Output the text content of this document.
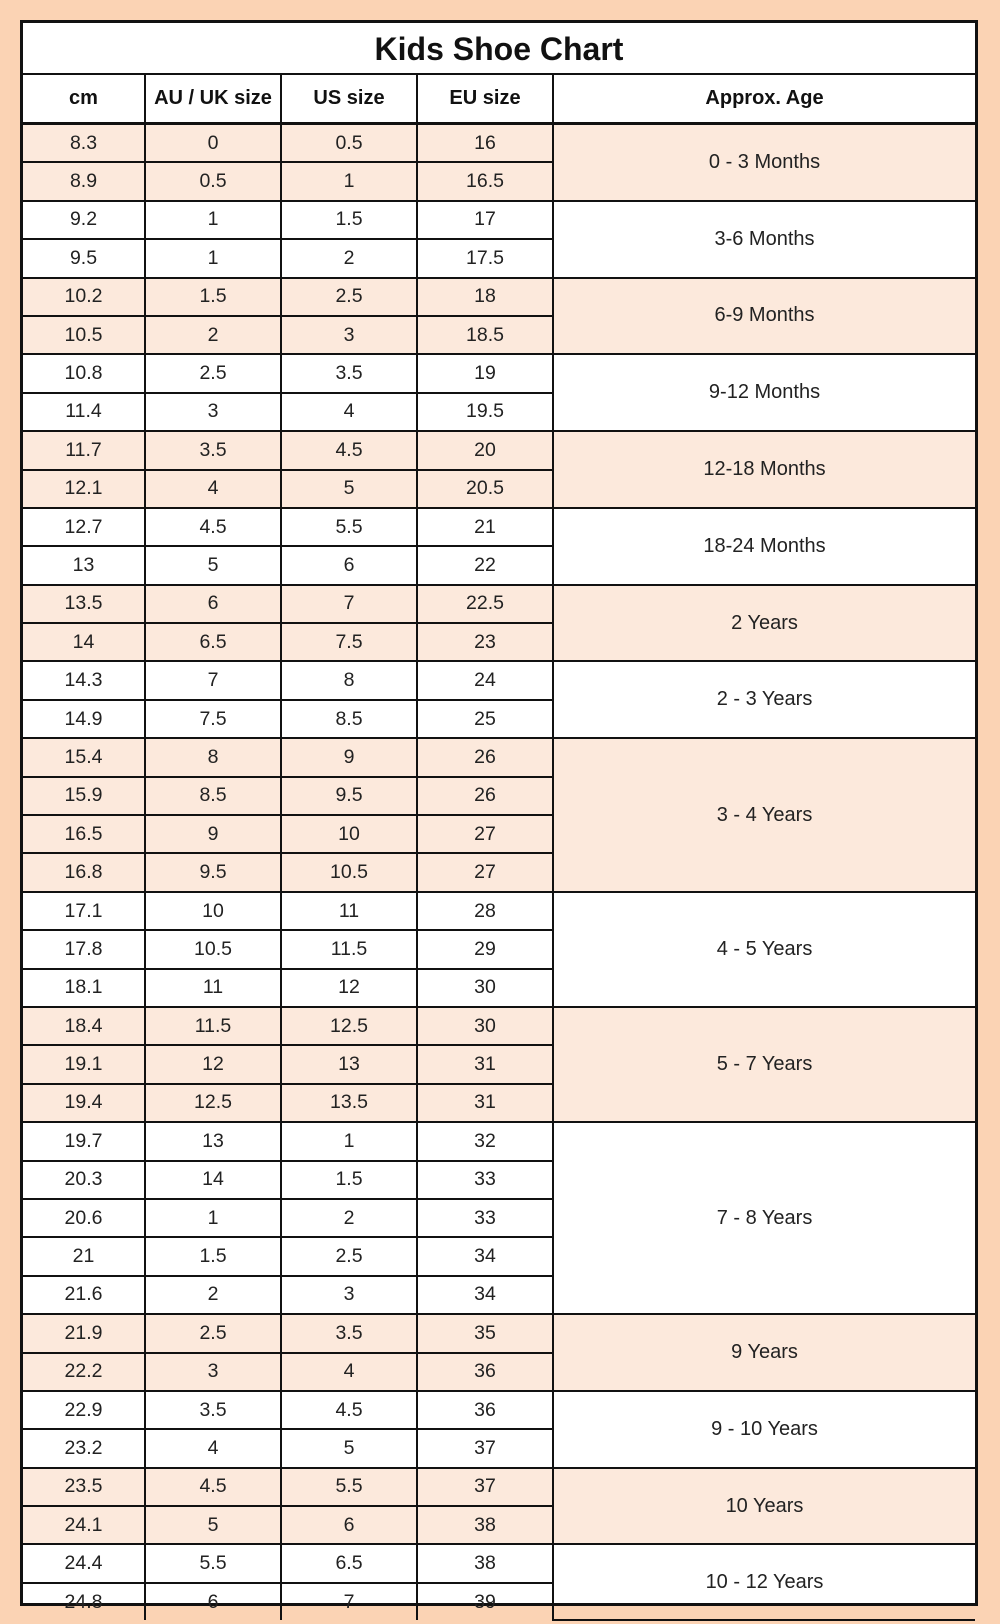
Kids Shoe Chart
cm	AU / UK size	US size	EU size	Approx. Age
8.3	0	0.5	16	0 - 3 Months
8.9	0.5	1	16.5	
9.2	1	1.5	17	3-6 Months
9.5	1	2	17.5	
10.2	1.5	2.5	18	6-9 Months
10.5	2	3	18.5	
10.8	2.5	3.5	19	9-12 Months
11.4	3	4	19.5	
11.7	3.5	4.5	20	12-18 Months
12.1	4	5	20.5	
12.7	4.5	5.5	21	18-24 Months
13	5	6	22	
13.5	6	7	22.5	2 Years
14	6.5	7.5	23	
14.3	7	8	24	2 - 3 Years
14.9	7.5	8.5	25	
15.4	8	9	26	3 - 4 Years
15.9	8.5	9.5	26	
16.5	9	10	27	
16.8	9.5	10.5	27	
17.1	10	11	28	4 - 5 Years
17.8	10.5	11.5	29	
18.1	11	12	30	
18.4	11.5	12.5	30	5 - 7 Years
19.1	12	13	31	
19.4	12.5	13.5	31	
19.7	13	1	32	7 - 8 Years
20.3	14	1.5	33	
20.6	1	2	33	
21	1.5	2.5	34	
21.6	2	3	34	
21.9	2.5	3.5	35	9 Years
22.2	3	4	36	
22.9	3.5	4.5	36	9 - 10 Years
23.2	4	5	37	
23.5	4.5	5.5	37	10 Years
24.1	5	6	38	
24.4	5.5	6.5	38	10 - 12 Years
24.8	6	7	39	
